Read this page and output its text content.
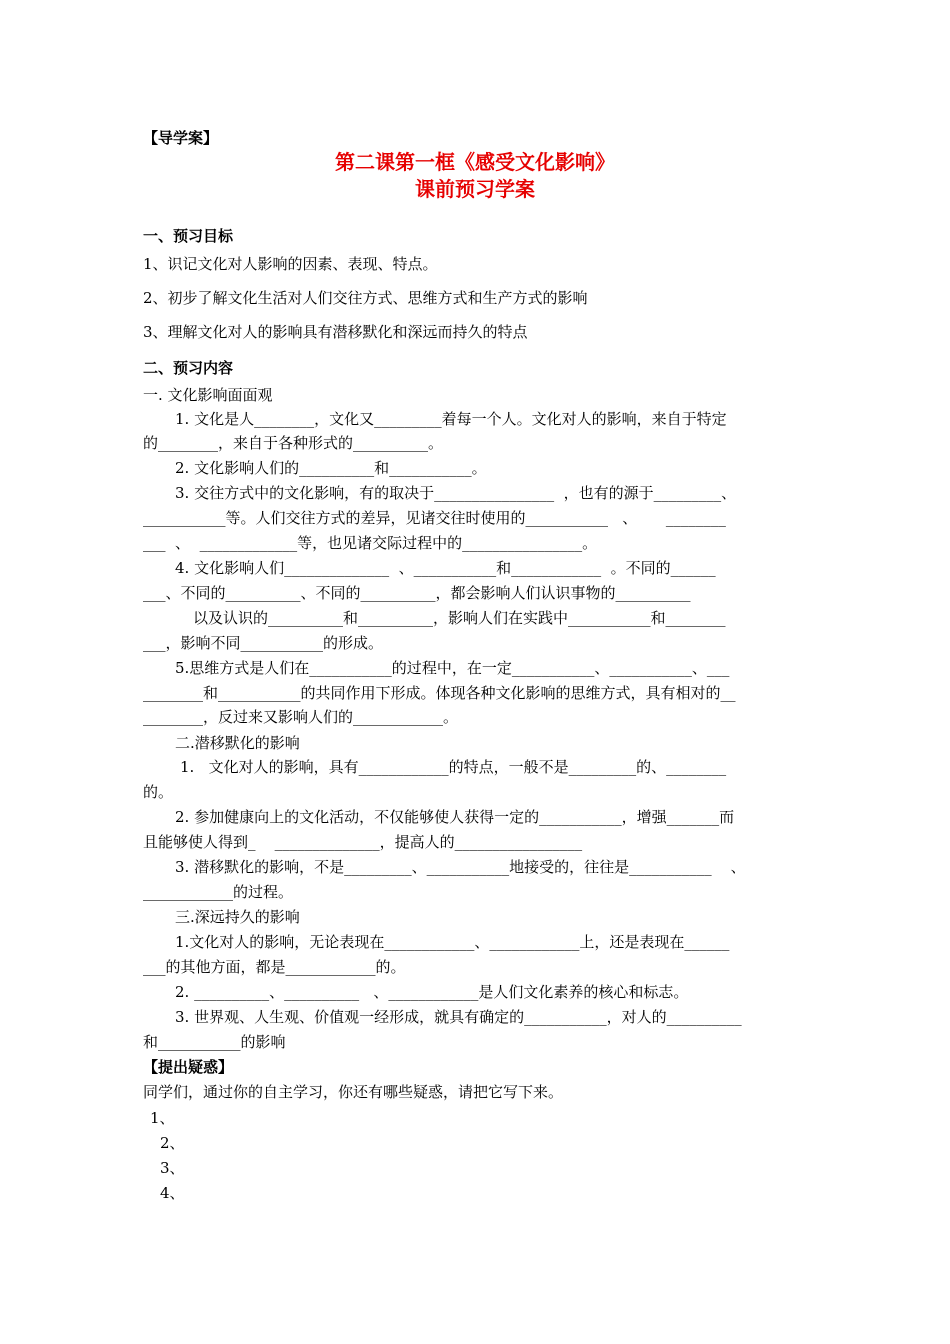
【导学案】
第二课第一框《感受文化影响》
课前预习学案
一、预习目标
1、识记文化对人影响的因素、表现、特点。
2、初步了解文化生活对人们交往方式、思维方式和生产方式的影响
3、理解文化对人的影响具有潜移默化和深远而持久的特点
二、预习内容
一. 文化影响面面观
1. 文化是人________，文化又_________着每一个人。文化对人的影响，来自于特定
的________，来自于各种形式的__________。
2. 文化影响人们的__________和___________。
3. 交往方式中的文化影响，有的取决于________________  ，也有的源于_________、
___________等。人们交往方式的差异，见诸交往时使用的___________   、      ________
___  、  _____________等，也见诸交际过程中的________________。
4. 文化影响人们______________  、___________和____________  。不同的______
___、不同的__________、不同的__________，都会影响人们认识事物的__________
以及认识的__________和__________，影响人们在实践中___________和________
___，影响不同___________的形成。
5.思维方式是人们在___________的过程中，在一定___________、___________、___
________和___________的共同作用下形成。体现各种文化影响的思维方式，具有相对的__
________，反过来又影响人们的____________。
二.潜移默化的影响
1.   文化对人的影响，具有____________的特点，一般不是_________的、________
的。
2. 参加健康向上的文化活动，不仅能够使人获得一定的___________，增强_______而
且能够使人得到_    ______________，提高人的_________________
3. 潜移默化的影响，不是_________、___________地接受的，往往是___________    、
____________的过程。
三.深远持久的影响
1.文化对人的影响，无论表现在____________、____________上，还是表现在______
___的其他方面，都是____________的。
2. __________、__________   、____________是人们文化素养的核心和标志。
3. 世界观、人生观、价值观一经形成，就具有确定的___________，对人的__________
和___________的影响
【提出疑惑】
同学们，通过你的自主学习，你还有哪些疑惑，请把它写下来。
1、
2、
3、
4、
